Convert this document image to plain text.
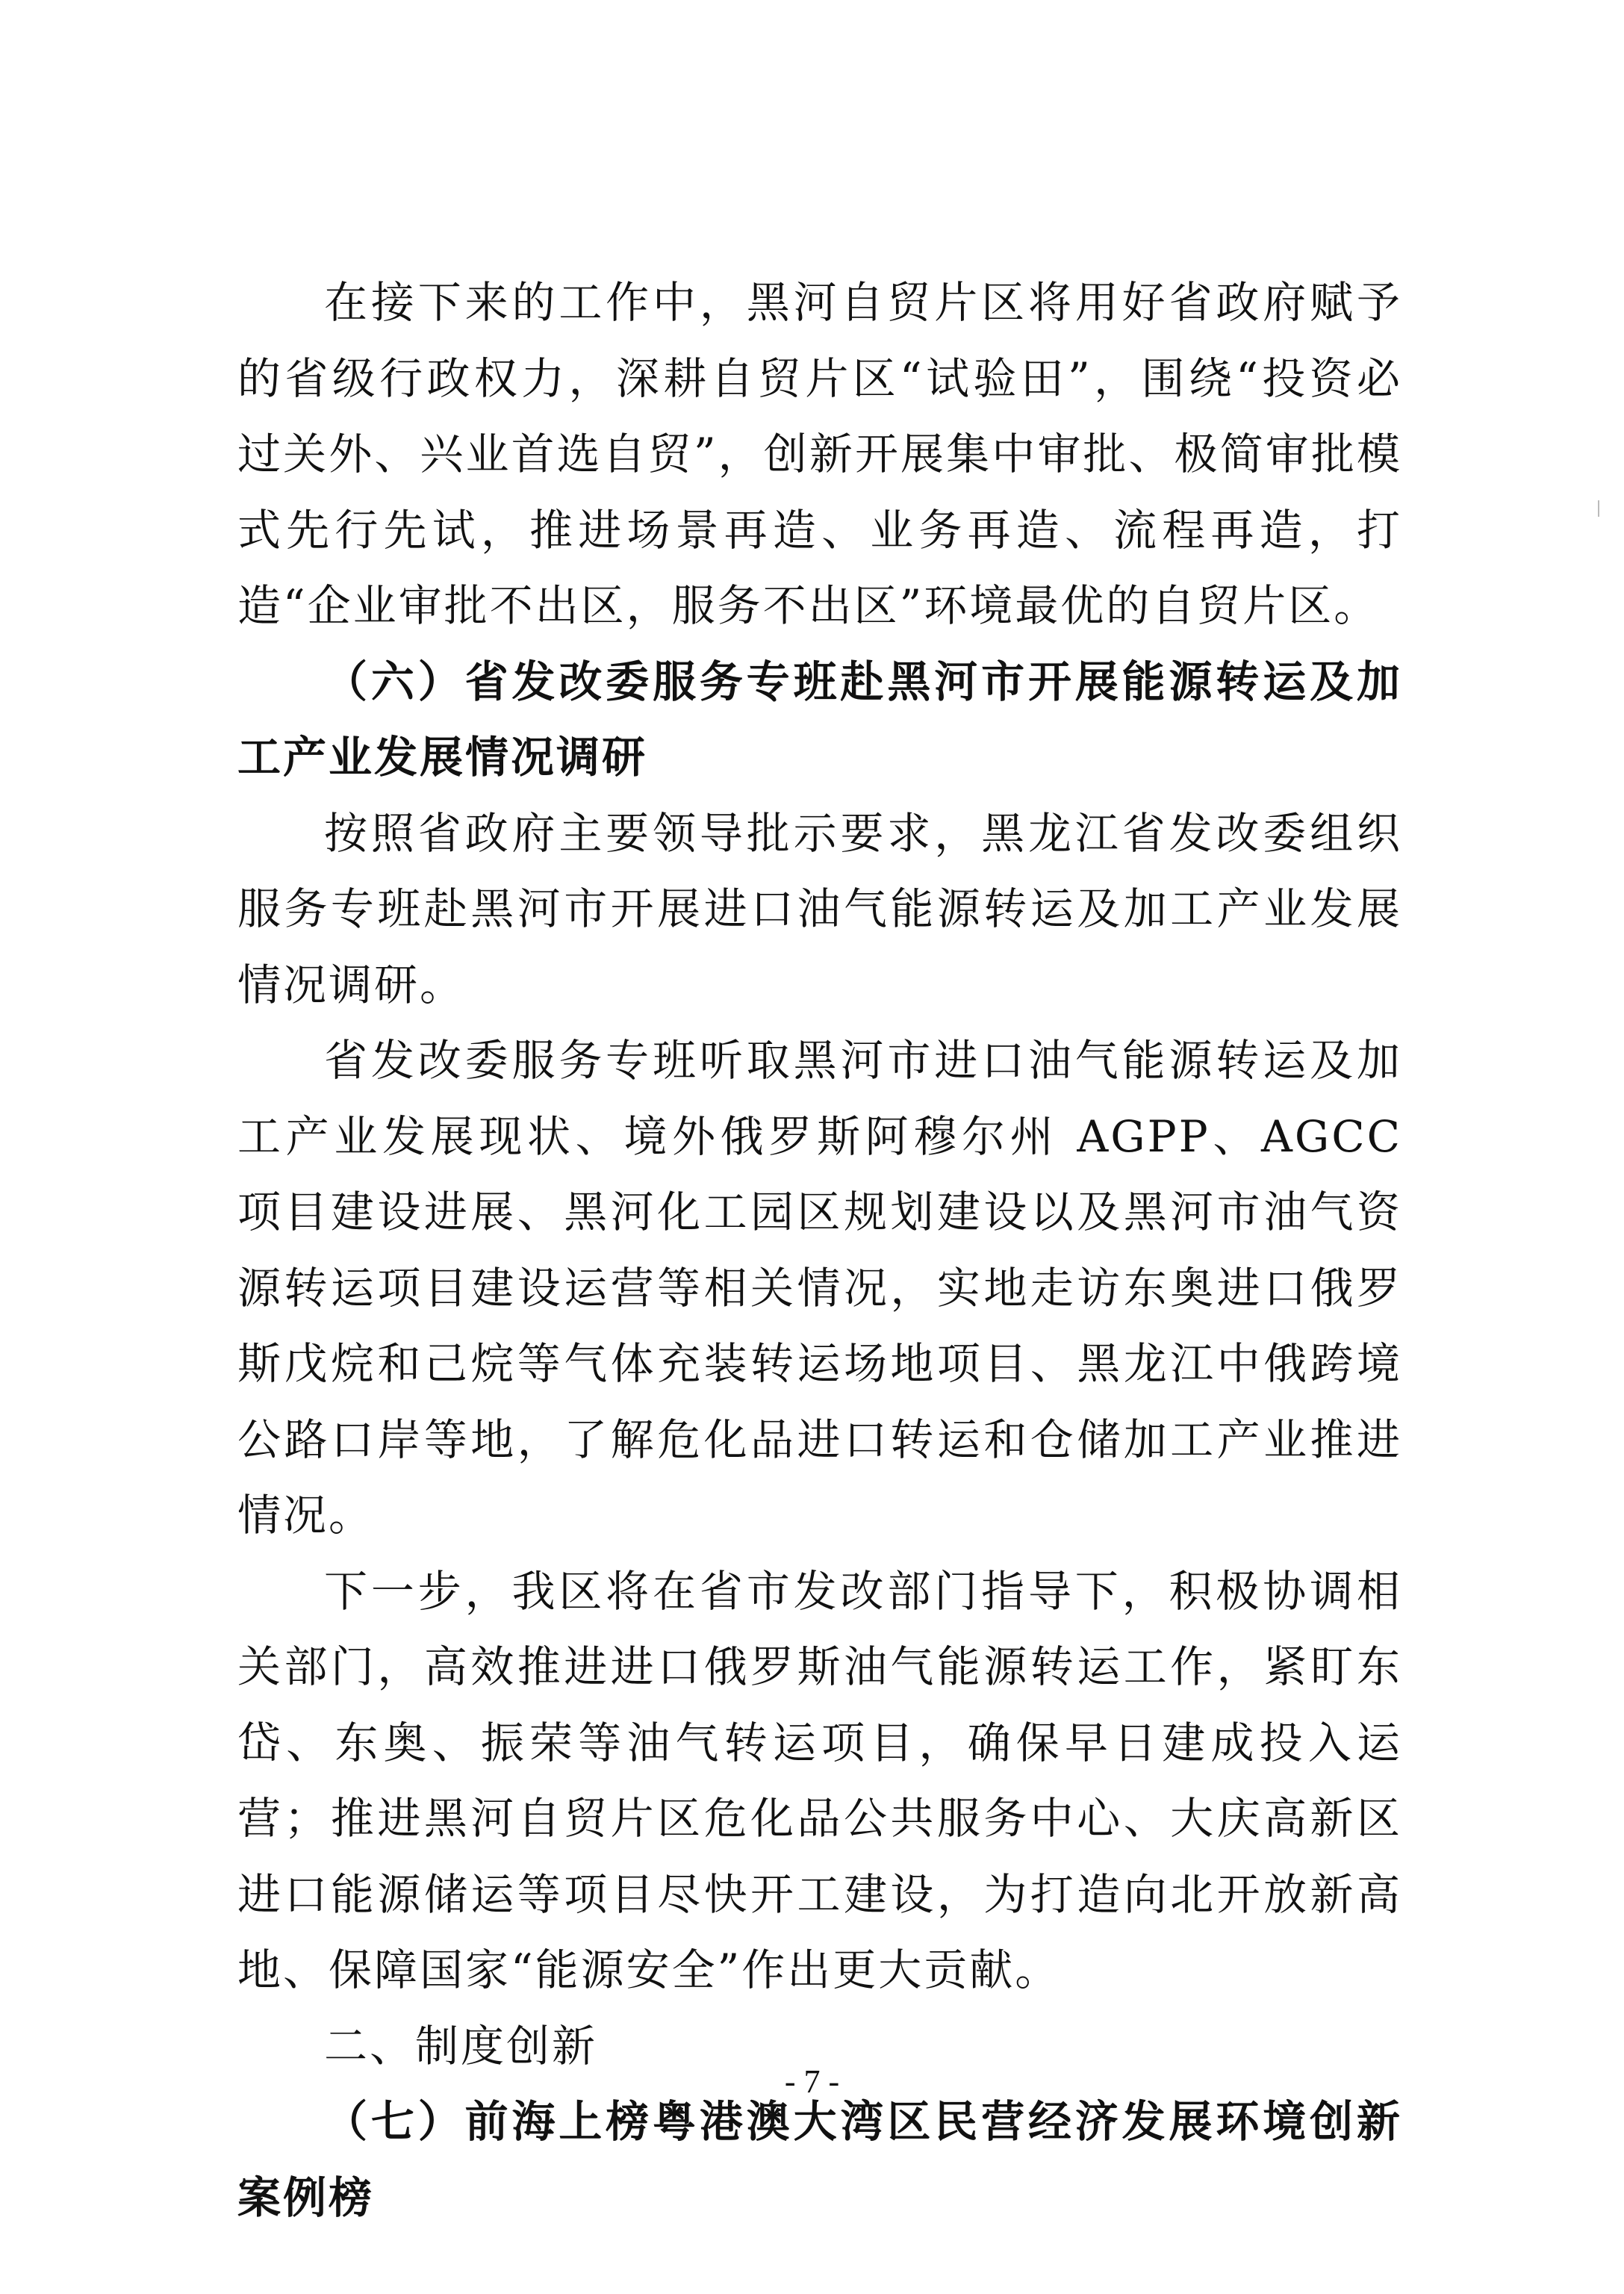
在接下来的工作中，黑河自贸片区将用好省政府赋予的省级行政权力，深耕自贸片区“试验田”，围绕“投资必过关外、兴业首选自贸”，创新开展集中审批、极简审批模式先行先试，推进场景再造、业务再造、流程再造，打造“企业审批不出区，服务不出区”环境最优的自贸片区。

（六）省发改委服务专班赴黑河市开展能源转运及加工产业发展情况调研

按照省政府主要领导批示要求，黑龙江省发改委组织服务专班赴黑河市开展进口油气能源转运及加工产业发展情况调研。

省发改委服务专班听取黑河市进口油气能源转运及加工产业发展现状、境外俄罗斯阿穆尔州 AGPP、AGCC 项目建设进展、黑河化工园区规划建设以及黑河市油气资源转运项目建设运营等相关情况，实地走访东奥进口俄罗斯戊烷和己烷等气体充装转运场地项目、黑龙江中俄跨境公路口岸等地，了解危化品进口转运和仓储加工产业推进情况。

下一步，我区将在省市发改部门指导下，积极协调相关部门，高效推进进口俄罗斯油气能源转运工作，紧盯东岱、东奥、振荣等油气转运项目，确保早日建成投入运营；推进黑河自贸片区危化品公共服务中心、大庆高新区进口能源储运等项目尽快开工建设，为打造向北开放新高地、保障国家“能源安全”作出更大贡献。

二、制度创新

（七）前海上榜粤港澳大湾区民营经济发展环境创新案例榜

- 7 -
